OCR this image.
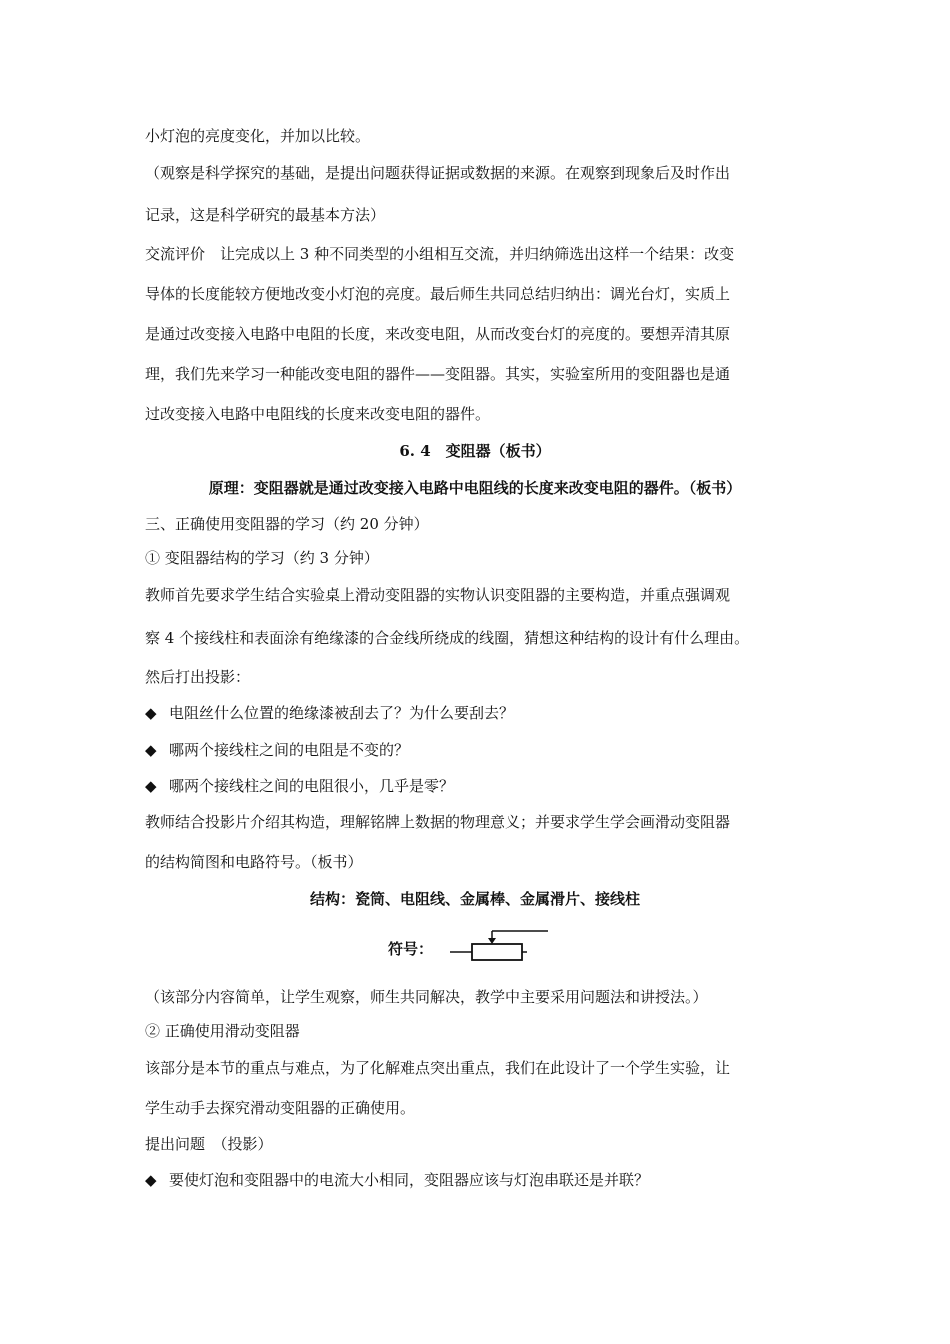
小灯泡的亮度变化，并加以比较。
（观察是科学探究的基础，是提出问题获得证据或数据的来源。在观察到现象后及时作出
记录，这是科学研究的最基本方法）
交流评价　让完成以上 3 种不同类型的小组相互交流，并归纳筛选出这样一个结果：改变
导体的长度能较方便地改变小灯泡的亮度。最后师生共同总结归纳出：调光台灯，实质上
是通过改变接入电路中电阻的长度，来改变电阻，从而改变台灯的亮度的。要想弄清其原
理，我们先来学习一种能改变电阻的器件——变阻器。其实，实验室所用的变阻器也是通
过改变接入电路中电阻线的长度来改变电阻的器件。
6. 4　变阻器（板书）
原理：变阻器就是通过改变接入电路中电阻线的长度来改变电阻的器件。（板书）
三、正确使用变阻器的学习（约 20 分钟）
① 变阻器结构的学习（约 3 分钟）
教师首先要求学生结合实验桌上滑动变阻器的实物认识变阻器的主要构造，并重点强调观
察 4 个接线柱和表面涂有绝缘漆的合金线所绕成的线圈，猜想这种结构的设计有什么理由。
然后打出投影：
◆ 电阻丝什么位置的绝缘漆被刮去了？为什么要刮去？
◆ 哪两个接线柱之间的电阻是不变的？
◆ 哪两个接线柱之间的电阻很小，几乎是零？
教师结合投影片介绍其构造，理解铭牌上数据的物理意义；并要求学生学会画滑动变阻器
的结构简图和电路符号。（板书）
结构：瓷筒、电阻线、金属棒、金属滑片、接线柱
符号：
（该部分内容简单，让学生观察，师生共同解决，教学中主要采用问题法和讲授法。）
② 正确使用滑动变阻器
该部分是本节的重点与难点，为了化解难点突出重点，我们在此设计了一个学生实验，让
学生动手去探究滑动变阻器的正确使用。
提出问题　（投影）
◆ 要使灯泡和变阻器中的电流大小相同，变阻器应该与灯泡串联还是并联？
